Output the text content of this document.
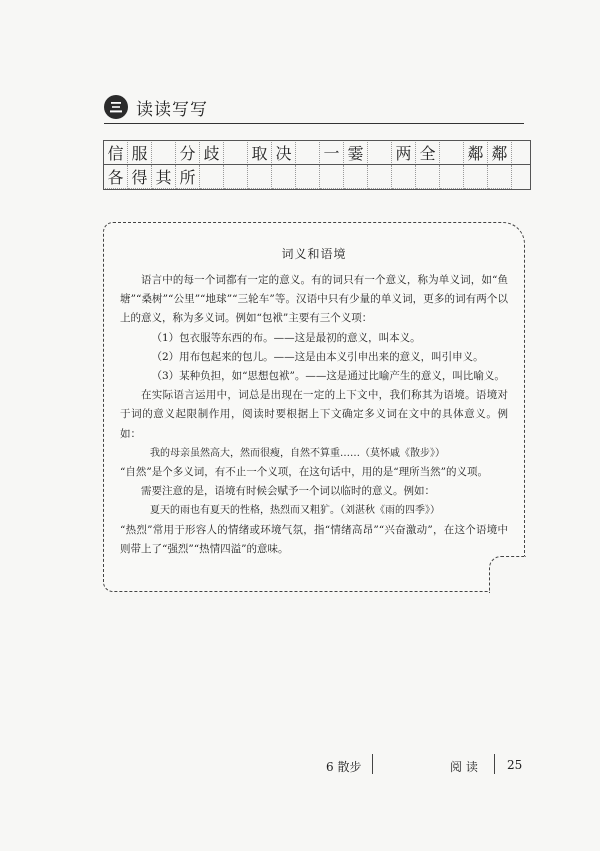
读读写写
信	服		分	歧		取	决		一	霎		两	全		鄰	鄰
各	得	其	所													
词义和语境

语言中的每一个词都有一定的意义。有的词只有一个意义，称为单义词，如“鱼塘”“桑树”“公里”“地球”“三轮车”等。汉语中只有少量的单义词，更多的词有两个以上的意义，称为多义词。例如“包袱”主要有三个义项：

（1）包衣服等东西的布。——这是最初的意义，叫本义。

（2）用布包起来的包儿。——这是由本义引申出来的意义，叫引申义。

（3）某种负担，如“思想包袱”。——这是通过比喻产生的意义，叫比喻义。

在实际语言运用中，词总是出现在一定的上下文中，我们称其为语境。语境对于词的意义起限制作用，阅读时要根据上下文确定多义词在文中的具体意义。例如：

我的母亲虽然高大，然而很瘦，自然不算重……（莫怀戚《散步》）

“自然”是个多义词，有不止一个义项，在这句话中，用的是“理所当然”的义项。

需要注意的是，语境有时候会赋予一个词以临时的意义。例如：

夏天的雨也有夏天的性格，热烈而又粗犷。（刘湛秋《雨的四季》）

“热烈”常用于形容人的情绪或环境气氛，指“情绪高昂”“兴奋激动”，在这个语境中则带上了“强烈”“热情四溢”的意味。

6 散步	阅 读 25
